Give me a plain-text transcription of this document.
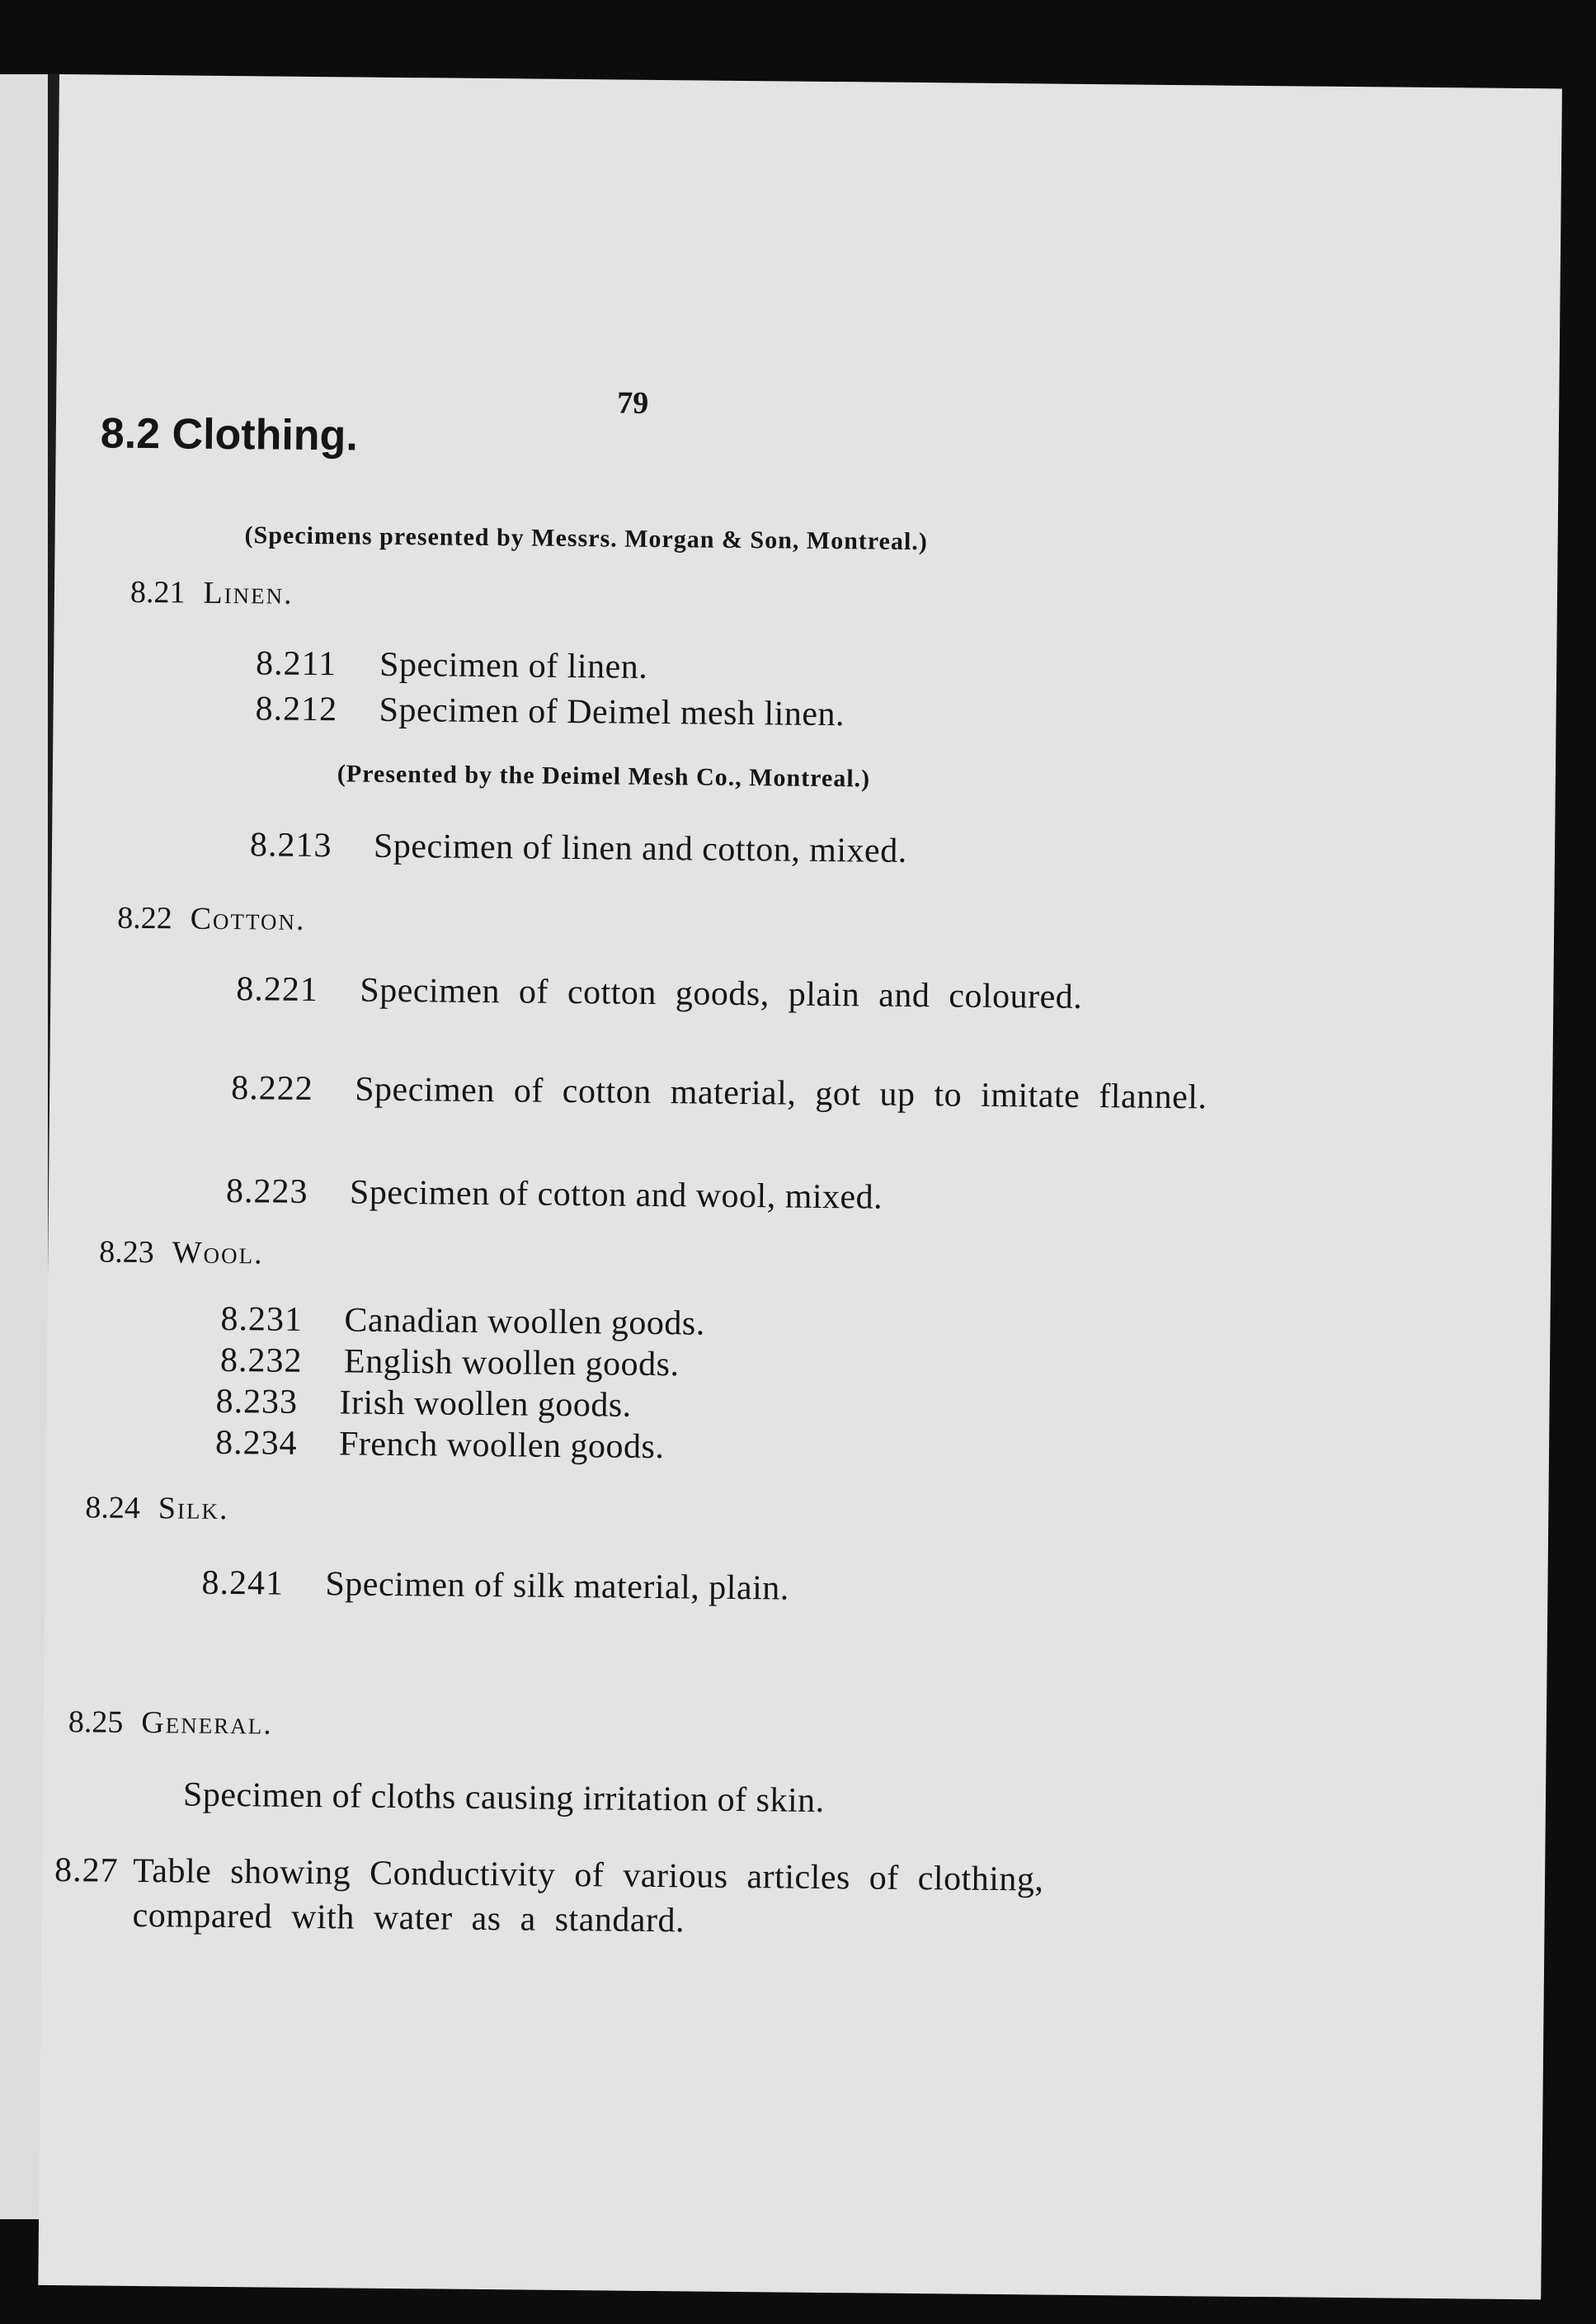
79
8.2 Clothing.
(Specimens presented by Messrs. Morgan & Son, Montreal.)
8.21 Linen.
8.211 Specimen of linen.
8.212 Specimen of Deimel mesh linen.
(Presented by the Deimel Mesh Co., Montreal.)
8.213 Specimen of linen and cotton, mixed.
8.22 Cotton.
8.221 Specimen of cotton goods, plain and coloured.
8.222 Specimen of cotton material, got up to imitate flannel.
8.223 Specimen of cotton and wool, mixed.
8.23 Wool.
8.231 Canadian woollen goods.
8.232 English woollen goods.
8.233 Irish woollen goods.
8.234 French woollen goods.
8.24 Silk.
8.241 Specimen of silk material, plain.
8.25 General.
Specimen of cloths causing irritation of skin.
8.27 Table showing Conductivity of various articles of clothing, compared with water as a standard.
